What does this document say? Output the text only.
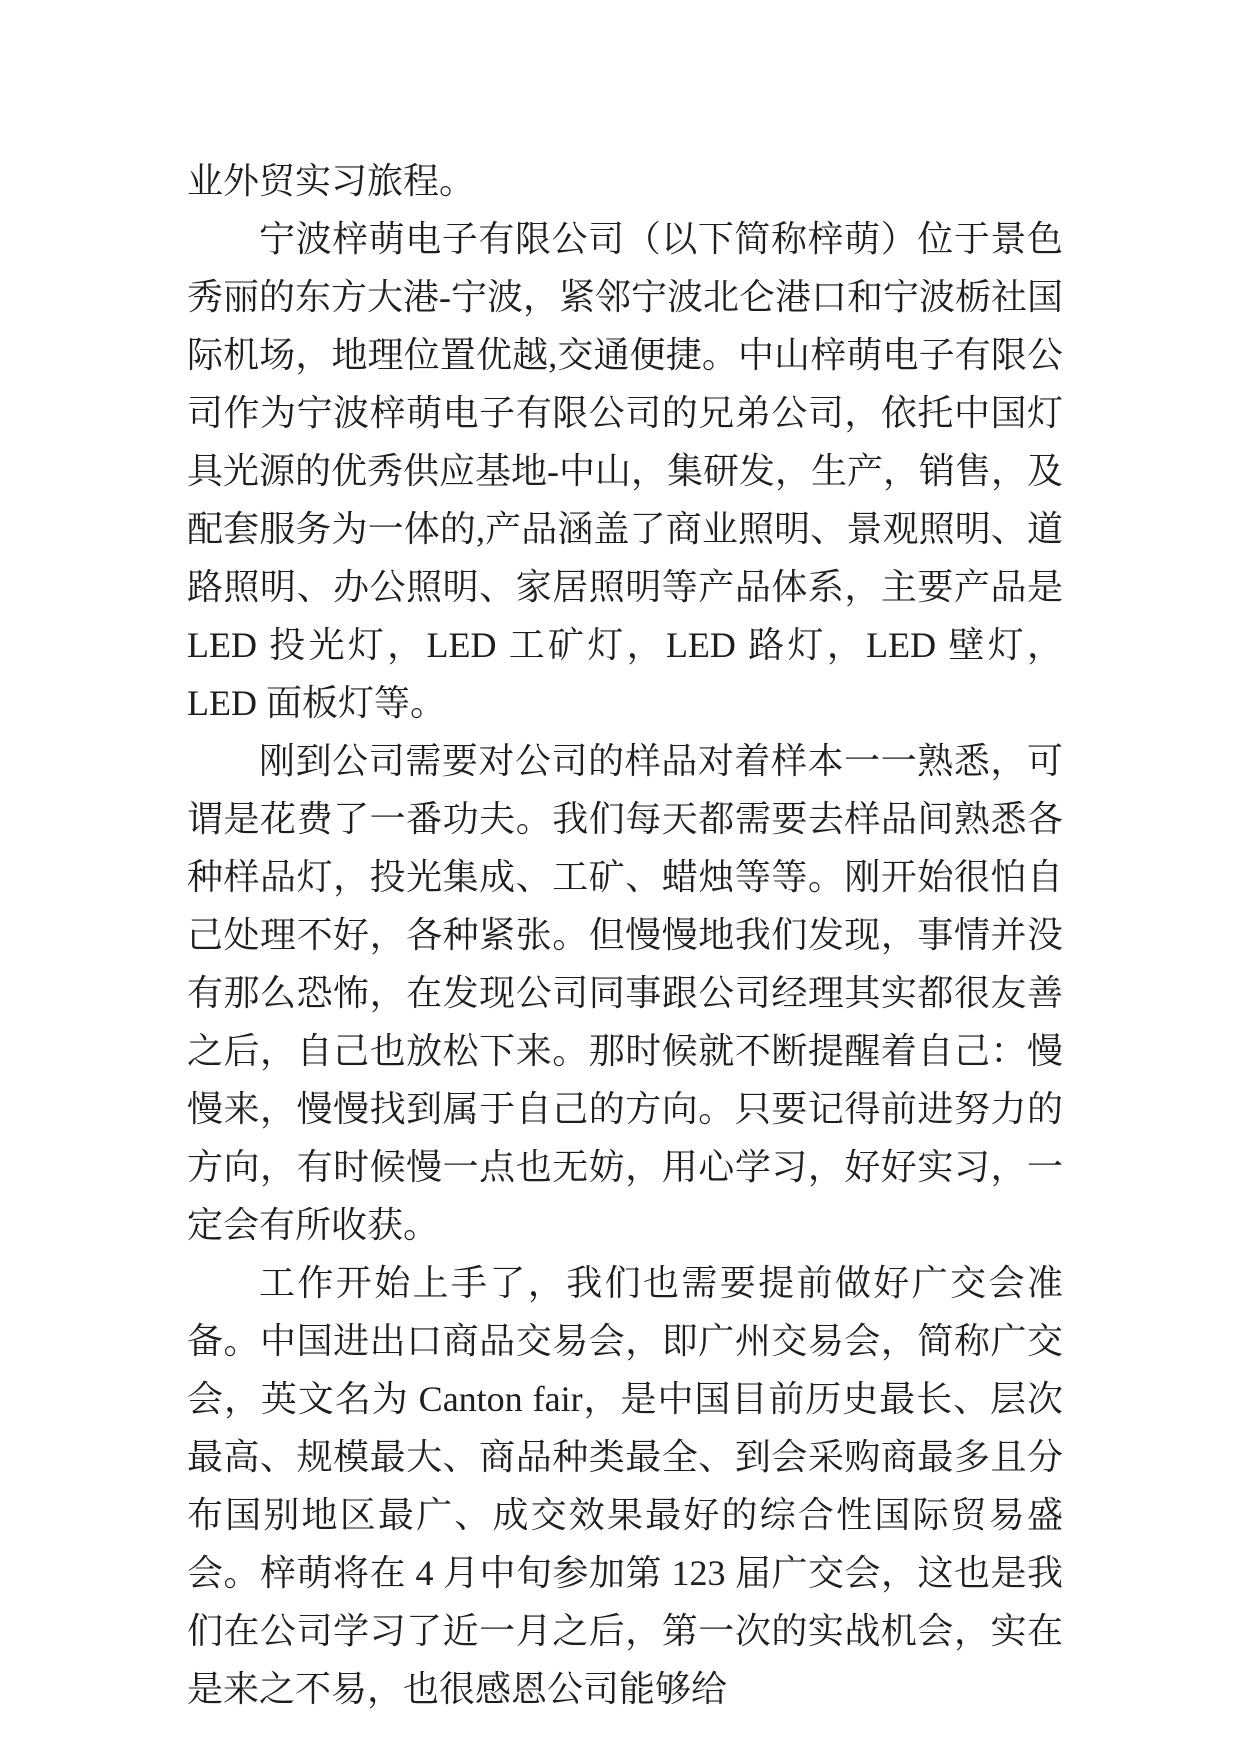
业外贸实习旅程。

宁波梓萌电子有限公司（以下简称梓萌）位于景色秀丽的东方大港-宁波，紧邻宁波北仑港口和宁波栃社国际机场，地理位置优越,交通便捷。中山梓萌电子有限公司作为宁波梓萌电子有限公司的兄弟公司，依托中国灯具光源的优秀供应基地-中山，集研发，生产，销售，及配套服务为一体的,产品涵盖了商业照明、景观照明、道路照明、办公照明、家居照明等产品体系，主要产品是 LED 投光灯，LED 工矿灯，LED 路灯，LED 壁灯，LED 面板灯等。

刚到公司需要对公司的样品对着样本一一熟悉，可谓是花费了一番功夫。我们每天都需要去样品间熟悉各种样品灯，投光集成、工矿、蜡烛等等。刚开始很怕自己处理不好，各种紧张。但慢慢地我们发现，事情并没有那么恐怖，在发现公司同事跟公司经理其实都很友善之后，自己也放松下来。那时候就不断提醒着自己：慢慢来，慢慢找到属于自己的方向。只要记得前进努力的方向，有时候慢一点也无妨，用心学习，好好实习，一定会有所收获。

工作开始上手了，我们也需要提前做好广交会准备。中国进出口商品交易会，即广州交易会，简称广交会，英文名为 Canton fair，是中国目前历史最长、层次最高、规模最大、商品种类最全、到会采购商最多且分布国别地区最广、成交效果最好的综合性国际贸易盛会。梓萌将在 4 月中旬参加第 123 届广交会，这也是我们在公司学习了近一月之后，第一次的实战机会，实在是来之不易，也很感恩公司能够给
